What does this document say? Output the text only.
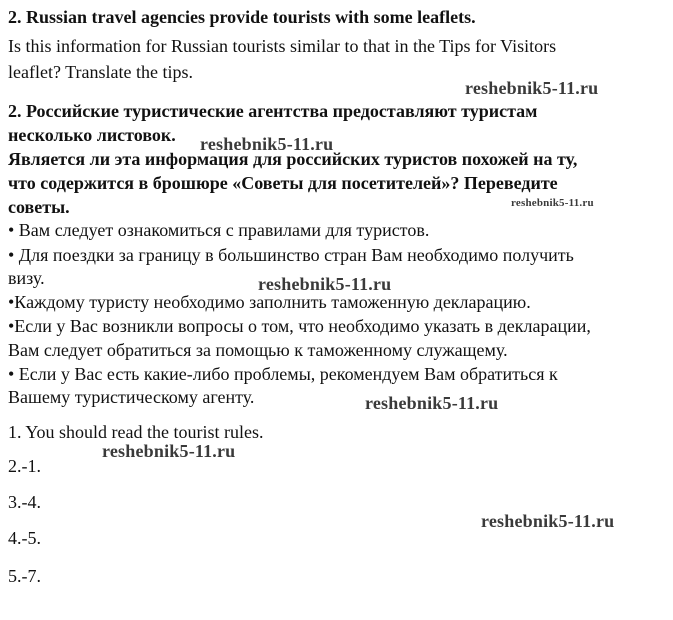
2. Russian travel agencies provide tourists with some leaflets.
Is this information for Russian tourists similar to that in the Tips for Visitors
leaflet? Translate the tips.
2. Российские туристические агентства предоставляют туристам
несколько листовок.
Является ли эта информация для российских туристов похожей на ту,
что содержится в брошюре «Советы для посетителей»? Переведите
советы.
• Вам следует ознакомиться с правилами для туристов.
• Для поездки за границу в большинство стран Вам необходимо получить
визу.
•Каждому туристу необходимо заполнить таможенную декларацию.
•Если у Вас возникли вопросы о том, что необходимо указать в декларации,
Вам следует обратиться за помощью к таможенному служащему.
• Если у Вас есть какие-либо проблемы, рекомендуем Вам обратиться к
Вашему туристическому агенту.
1. You should read the tourist rules.
2.-1.
3.-4.
4.-5.
5.-7.
reshebnik5-11.ru
reshebnik5-11.ru
reshebnik5-11.ru
reshebnik5-11.ru
reshebnik5-11.ru
reshebnik5-11.ru
reshebnik5-11.ru
